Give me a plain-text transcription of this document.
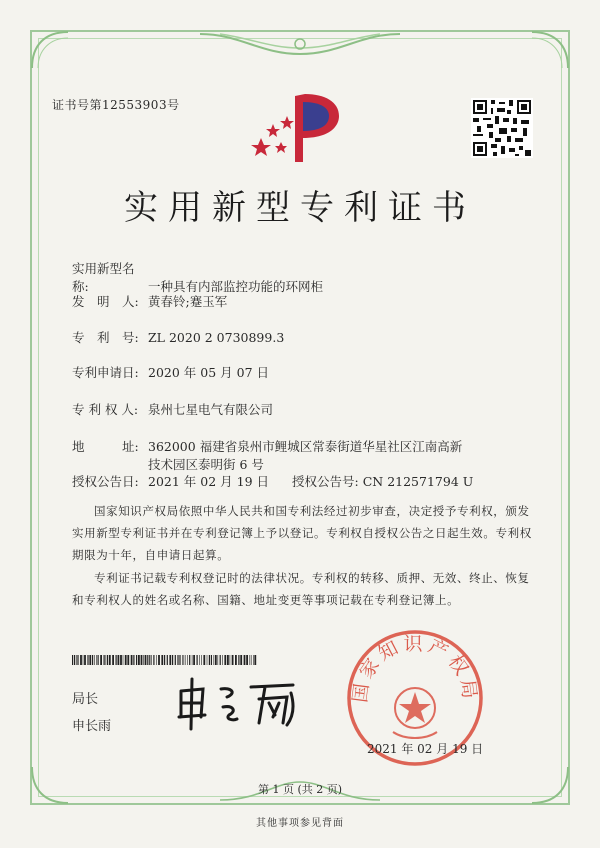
证书号第12553903号
实用新型专利证书
实用新型名称:	一种具有内部监控功能的环网柜
发　明　人: 黄春铃;蹇玉军
专　利　号: ZL 2020 2 0730899.3
专利申请日: 2020 年 05 月 07 日
专 利 权 人: 泉州七星电气有限公司
地　　　址: 362000 福建省泉州市鲤城区常泰街道华星社区江南高新
技术园区泰明街 6 号
授权公告日: 2021 年 02 月 19 日 授权公告号: CN 212571794 U
国家知识产权局依照中华人民共和国专利法经过初步审查，决定授予专利权，颁发实用新型专利证书并在专利登记簿上予以登记。专利权自授权公告之日起生效。专利权期限为十年，自申请日起算。
专利证书记载专利权登记时的法律状况。专利权的转移、质押、无效、终止、恢复和专利权人的姓名或名称、国籍、地址变更等事项记载在专利登记簿上。
局长
申长雨
国家知识产权局
2021 年 02 月 19 日
第 1 页 (共 2 页)
其他事项参见背面
